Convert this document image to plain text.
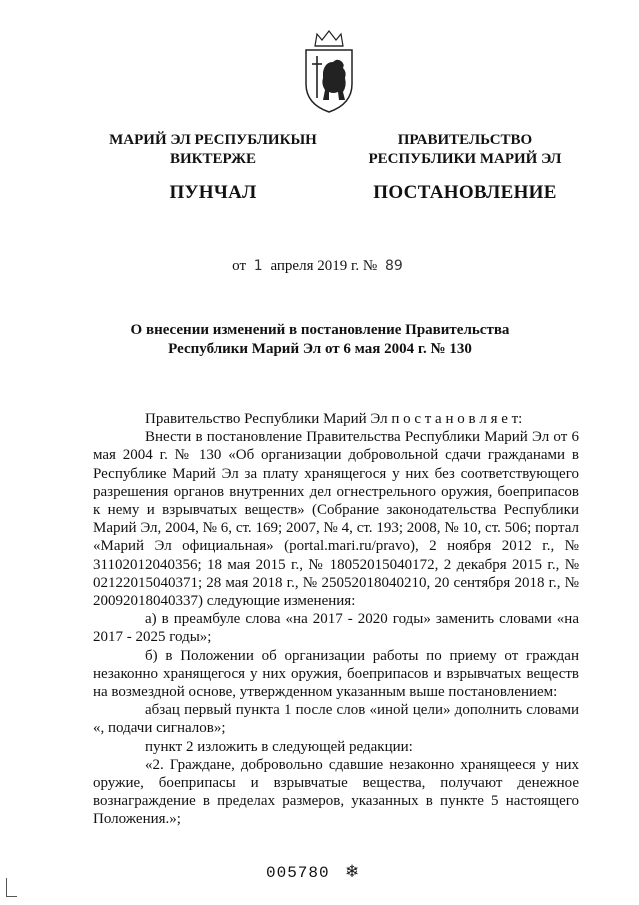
МАРИЙ ЭЛ РЕСПУБЛИКЫН
ВИКТЕРЖЕ
ПУНЧАЛ
ПРАВИТЕЛЬСТВО
РЕСПУБЛИКИ МАРИЙ ЭЛ
ПОСТАНОВЛЕНИЕ
от 1 апреля 2019 г. № 89
О внесении изменений в постановление Правительства
Республики Марий Эл от 6 мая 2004 г. № 130

Правительство Республики Марий Эл п о с т а н о в л я е т:

Внести в постановление Правительства Республики Марий Эл от 6 мая 2004 г. № 130 «Об организации добровольной сдачи гражданами в Республике Марий Эл за плату хранящегося у них без соответствующего разрешения органов внутренних дел огнестрельного оружия, боеприпасов к нему и взрывчатых веществ» (Собрание законодательства Республики Марий Эл, 2004, № 6, ст. 169; 2007, № 4, ст. 193; 2008, № 10, ст. 506; портал «Марий Эл официальная» (portal.mari.ru/pravo), 2 ноября 2012 г., № 31102012040356; 18 мая 2015 г., № 18052015040172, 2 декабря 2015 г., № 02122015040371; 28 мая 2018 г., № 25052018040210, 20 сентября 2018 г., № 20092018040337) следующие изменения:

а) в преамбуле слова «на 2017 - 2020 годы» заменить словами «на 2017 - 2025 годы»;

б) в Положении об организации работы по приему от граждан незаконно хранящегося у них оружия, боеприпасов и взрывчатых веществ на возмездной основе, утвержденном указанным выше постановлением:

абзац первый пункта 1 после слов «иной цели» дополнить словами «, подачи сигналов»;

пункт 2 изложить в следующей редакции:

«2. Граждане, добровольно сдавшие незаконно хранящееся у них оружие, боеприпасы и взрывчатые вещества, получают денежное вознаграждение в пределах размеров, указанных в пункте 5 настоящего Положения.»;

005780 ❄
